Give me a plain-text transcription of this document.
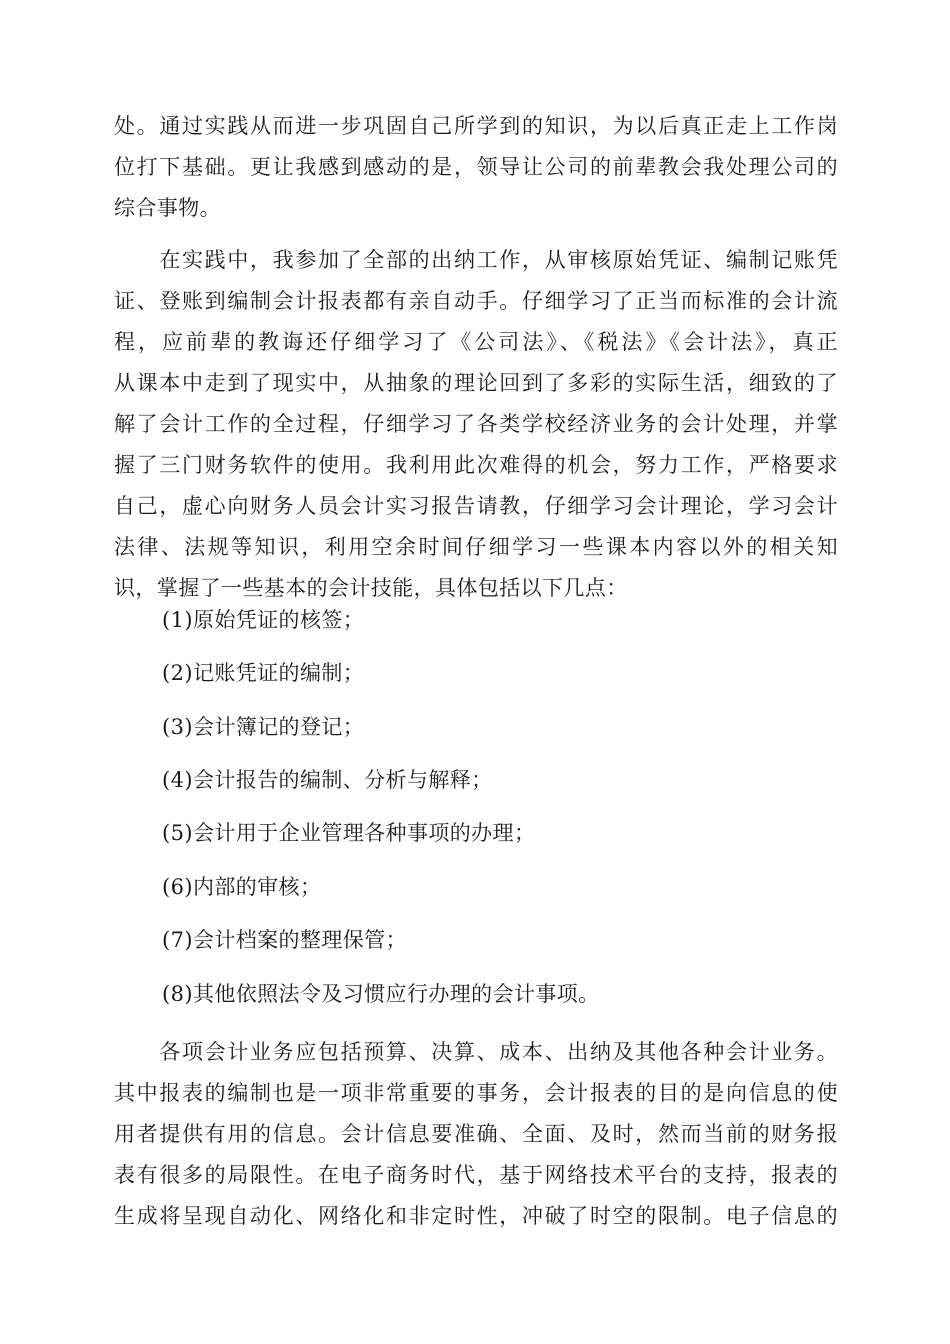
处。通过实践从而进一步巩固自己所学到的知识，为以后真正走上工作岗
位打下基础。更让我感到感动的是，领导让公司的前辈教会我处理公司的
综合事物。
　　在实践中，我参加了全部的出纳工作，从审核原始凭证、编制记账凭
证、登账到编制会计报表都有亲自动手。仔细学习了正当而标准的会计流
程，应前辈的教诲还仔细学习了《公司法》、《税法》《会计法》，真正
从课本中走到了现实中，从抽象的理论回到了多彩的实际生活，细致的了
解了会计工作的全过程，仔细学习了各类学校经济业务的会计处理，并掌
握了三门财务软件的使用。我利用此次难得的机会，努力工作，严格要求
自己，虚心向财务人员会计实习报告请教，仔细学习会计理论，学习会计
法律、法规等知识，利用空余时间仔细学习一些课本内容以外的相关知
识，掌握了一些基本的会计技能，具体包括以下几点：
(1)原始凭证的核签；
(2)记账凭证的编制；
(3)会计簿记的登记；
(4)会计报告的编制、分析与解释；
(5)会计用于企业管理各种事项的办理；
(6)内部的审核；
(7)会计档案的整理保管；
(8)其他依照法令及习惯应行办理的会计事项。
　　各项会计业务应包括预算、决算、成本、出纳及其他各种会计业务。
其中报表的编制也是一项非常重要的事务，会计报表的目的是向信息的使
用者提供有用的信息。会计信息要准确、全面、及时，然而当前的财务报
表有很多的局限性。在电子商务时代，基于网络技术平台的支持，报表的
生成将呈现自动化、网络化和非定时性，冲破了时空的限制。电子信息的
